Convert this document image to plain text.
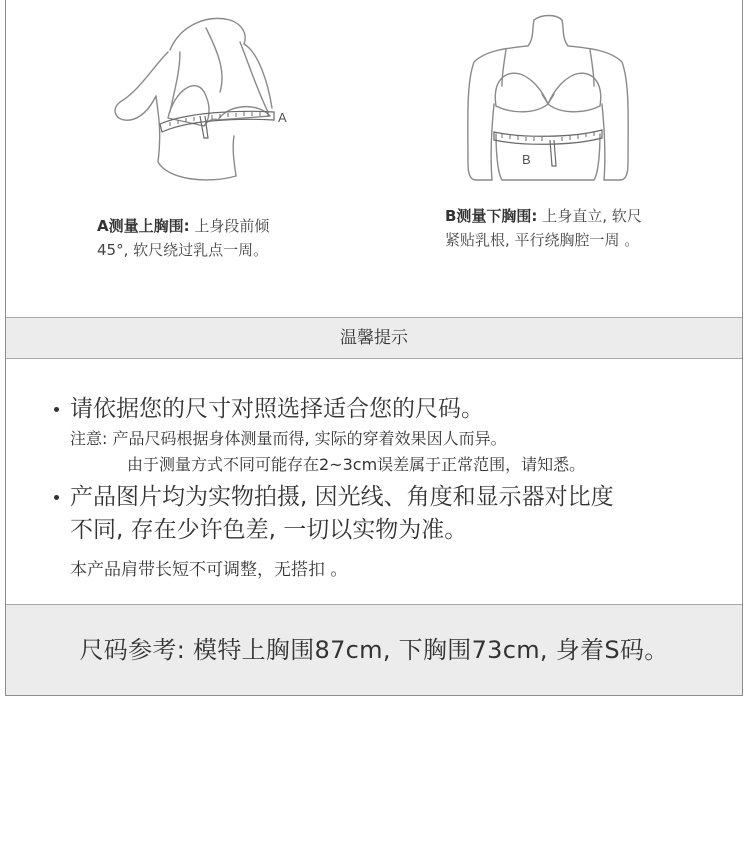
A
A测量上胸围: 上身段前倾
45°, 软尺绕过乳点一周。
B
B测量下胸围: 上身直立, 软尺
紧贴乳根, 平行绕胸腔一周 。
温馨提示
请依据您的尺寸对照选择适合您的尺码。
注意: 产品尺码根据身体测量而得, 实际的穿着效果因人而异。
由于测量方式不同可能存在2~3cm误差属于正常范围，请知悉。
产品图片均为实物拍摄, 因光线、角度和显示器对比度
不同, 存在少许色差, 一切以实物为准。
本产品肩带长短不可调整，无搭扣 。
尺码参考: 模特上胸围87cm, 下胸围73cm, 身着S码。
